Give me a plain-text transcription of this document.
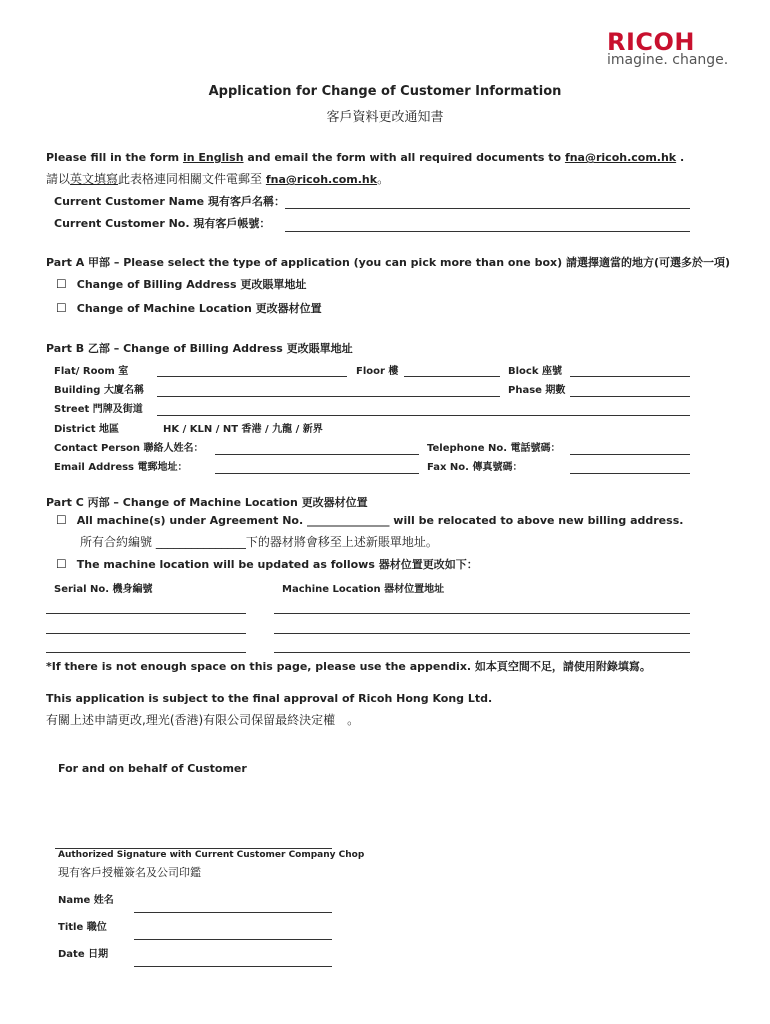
RICOH
imagine. change.
Application for Change of Customer Information
客戶資料更改通知書
Please fill in the form in English and email the form with all required documents to fna@ricoh.com.hk .
請以英文填寫此表格連同相關文件電郵至 fna@ricoh.com.hk。
Current Customer Name 現有客戶名稱：
Current Customer No. 現有客戶帳號：
Part A 甲部 – Please select the type of application (you can pick more than one box) 請選擇適當的地方(可選多於一項)
☐ Change of Billing Address 更改賬單地址
☐ Change of Machine Location 更改器材位置
Part B 乙部 – Change of Billing Address 更改賬單地址
Flat/ Room 室	Floor 樓	Block 座號
Building 大廈名稱	Phase 期數
Street 門牌及街道
District 地區	HK / KLN / NT 香港 / 九龍 / 新界
Contact Person 聯絡人姓名：	Telephone No. 電話號碼：
Email Address 電郵地址：	Fax No. 傳真號碼：
Part C 丙部 – Change of Machine Location 更改器材位置
☐ All machine(s) under Agreement No. _______________ will be relocated to above new billing address.
所有合約編號 _______________下的器材將會移至上述新賬單地址。
☐ The machine location will be updated as follows 器材位置更改如下：
Serial No. 機身編號	Machine Location 器材位置地址
*If there is not enough space on this page, please use the appendix. 如本頁空間不足，請使用附錄填寫。
This application is subject to the final approval of Ricoh Hong Kong Ltd.
有關上述申請更改,理光(香港)有限公司保留最終決定權　。
For and on behalf of Customer
Authorized Signature with Current Customer Company Chop
現有客戶授權簽名及公司印鑑
Name 姓名
Title 職位
Date 日期
